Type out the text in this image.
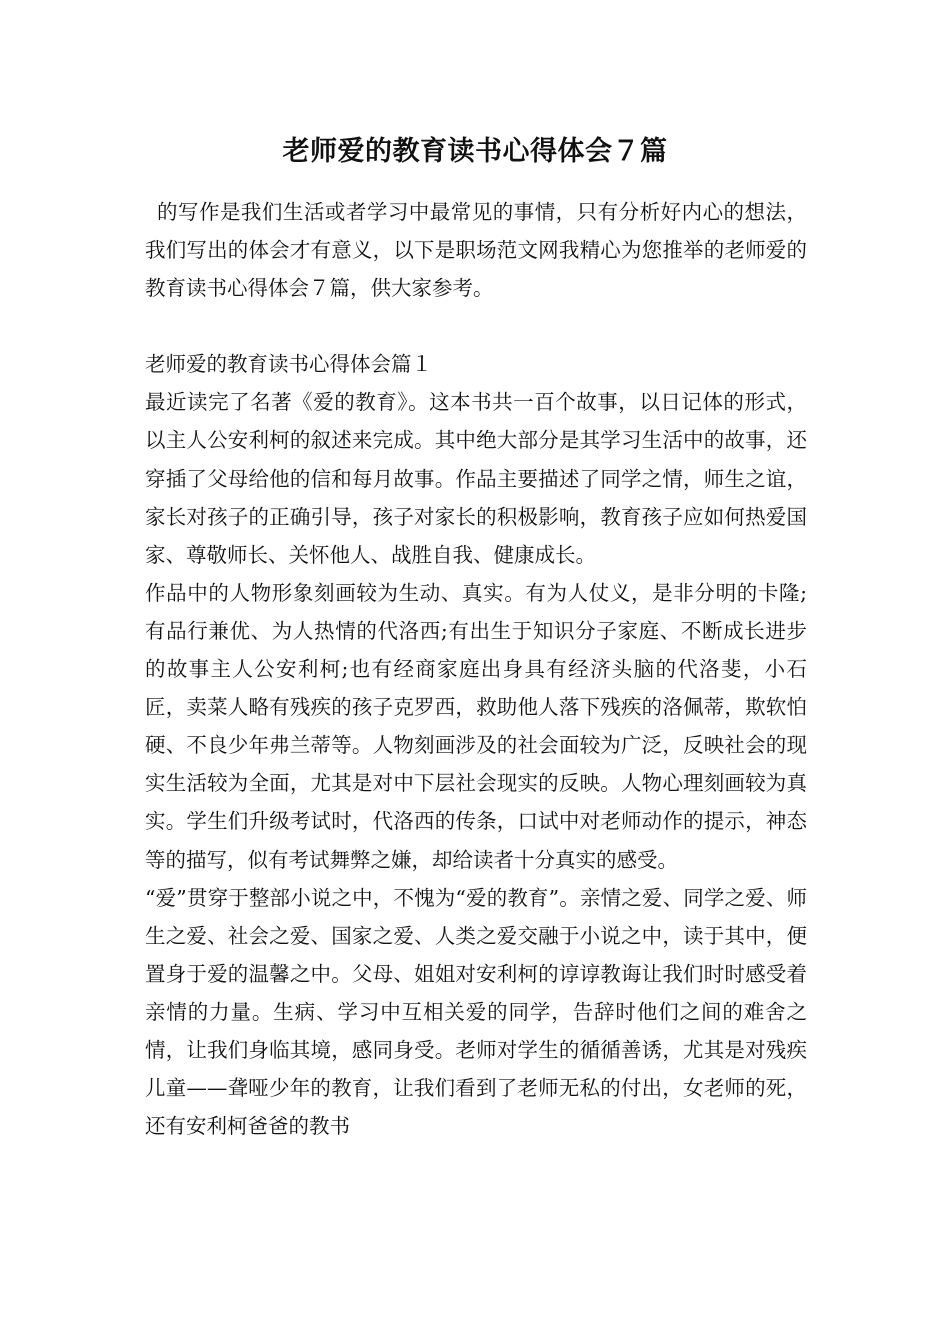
老师爱的教育读书心得体会７篇

的写作是我们生活或者学习中最常见的事情，只有分析好内心的想法，我们写出的体会才有意义，以下是职场范文网我精心为您推举的老师爱的教育读书心得体会７篇，供大家参考。

老师爱的教育读书心得体会篇１

最近读完了名著《爱的教育》。这本书共一百个故事，以日记体的形式，以主人公安利柯的叙述来完成。其中绝大部分是其学习生活中的故事，还穿插了父母给他的信和每月故事。作品主要描述了同学之情，师生之谊，家长对孩子的正确引导，孩子对家长的积极影响，教育孩子应如何热爱国家、尊敬师长、关怀他人、战胜自我、健康成长。

作品中的人物形象刻画较为生动、真实。有为人仗义，是非分明的卡隆;有品行兼优、为人热情的代洛西;有出生于知识分子家庭、不断成长进步的故事主人公安利柯;也有经商家庭出身具有经济头脑的代洛斐，小石匠，卖菜人略有残疾的孩子克罗西，救助他人落下残疾的洛佩蒂，欺软怕硬、不良少年弗兰蒂等。人物刻画涉及的社会面较为广泛，反映社会的现实生活较为全面，尤其是对中下层社会现实的反映。人物心理刻画较为真实。学生们升级考试时，代洛西的传条，口试中对老师动作的提示，神态等的描写，似有考试舞弊之嫌，却给读者十分真实的感受。

“爱”贯穿于整部小说之中，不愧为“爱的教育”。亲情之爱、同学之爱、师生之爱、社会之爱、国家之爱、人类之爱交融于小说之中，读于其中，便置身于爱的温馨之中。父母、姐姐对安利柯的谆谆教诲让我们时时感受着亲情的力量。生病、学习中互相关爱的同学，告辞时他们之间的难舍之情，让我们身临其境，感同身受。老师对学生的循循善诱，尤其是对残疾儿童——聋哑少年的教育，让我们看到了老师无私的付出，女老师的死，还有安利柯爸爸的教书
